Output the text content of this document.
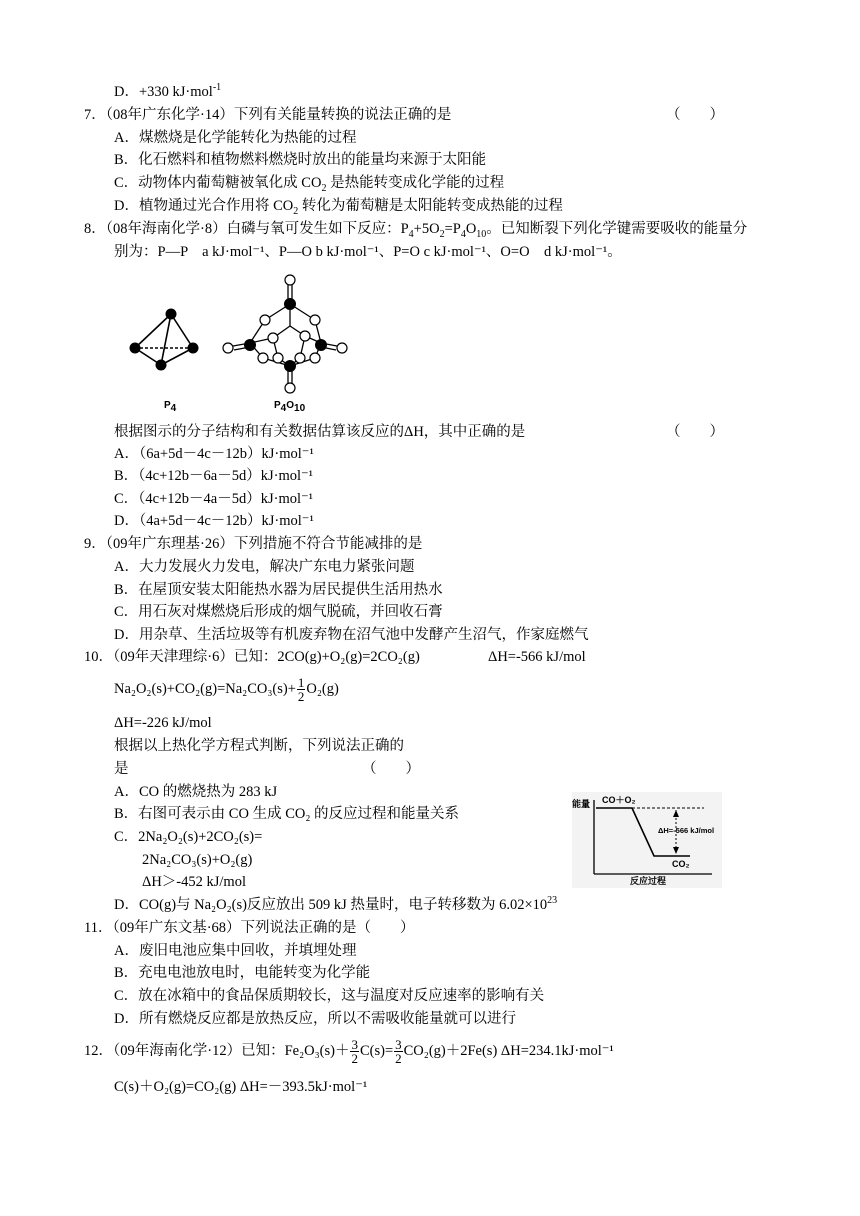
D．+330 kJ·mol$^{-1}$
7．（08年广东化学·14）下列有关能量转换的说法正确的是	（　　）
A．煤燃烧是化学能转化为热能的过程
B．化石燃料和植物燃料燃烧时放出的能量均来源于太阳能
C．动物体内葡萄糖被氧化成 $CO_2$ 是热能转变成化学能的过程
D．植物通过光合作用将 $CO_2$ 转化为葡萄糖是太阳能转变成热能的过程
8．（08年海南化学·8）白磷与氧可发生如下反应：$P_4+5O_2=P_4O_{10}$。已知断裂下列化学键需要吸收的能量分
别为：P—P　a kJ·mol⁻¹、P—O b kJ·mol⁻¹、P=O c kJ·mol⁻¹、O=O　d kJ·mol⁻¹。
$P_4$	$P_4O_{10}$
根据图示的分子结构和有关数据估算该反应的ΔH，其中正确的是	（　　）
A．（6a+5d－4c－12b）kJ·mol⁻¹
B．（4c+12b－6a－5d）kJ·mol⁻¹
C．（4c+12b－4a－5d）kJ·mol⁻¹
D．（4a+5d－4c－12b）kJ·mol⁻¹
9．（09年广东理基·26）下列措施不符合节能减排的是
A．大力发展火力发电，解决广东电力紧张问题
B．在屋顶安装太阳能热水器为居民提供生活用热水
C．用石灰对煤燃烧后形成的烟气脱硫，并回收石膏
D．用杂草、生活垃圾等有机废弃物在沼气池中发酵产生沼气，作家庭燃气
10．（09年天津理综·6）已知：2CO(g)+O₂(g)=2CO₂(g)	ΔH=-566 kJ/mol
$Na_2O_2(s)+CO_2(g)=Na_2CO_3(s)+ \frac{1}{2} O_2(g)$
ΔH=-226 kJ/mol
根据以上热化学方程式判断，下列说法正确的
是	（　　）
A．CO 的燃烧热为 283 kJ
B．右图可表示由 CO 生成 CO₂ 的反应过程和能量关系
C．2Na₂O₂(s)+2CO₂(s)=
2Na₂CO₃(s)+O₂(g)
ΔH＞-452 kJ/mol
D．CO(g)与 Na₂O₂(s)反应放出 509 kJ 热量时，电子转移数为 $6.02\times 10^{23}$
能量 CO＋O₂
ΔH=-566 kJ/mol
CO₂
反应过程
11．（09年广东文基·68）下列说法正确的是（　　）
A．废旧电池应集中回收，并填埋处理
B．充电电池放电时，电能转变为化学能
C．放在冰箱中的食品保质期较长，这与温度对反应速率的影响有关
D．所有燃烧反应都是放热反应，所以不需吸收能量就可以进行
12．（09年海南化学·12）已知：$Fe_2O_3(s)+ \frac{3}{2} C(s)= \frac{3}{2} CO_2(g)+2Fe(s)$ ΔH=234.1kJ·mol⁻¹
C(s)＋O₂(g)=CO₂(g) ΔH=－393.5kJ·mol⁻¹
